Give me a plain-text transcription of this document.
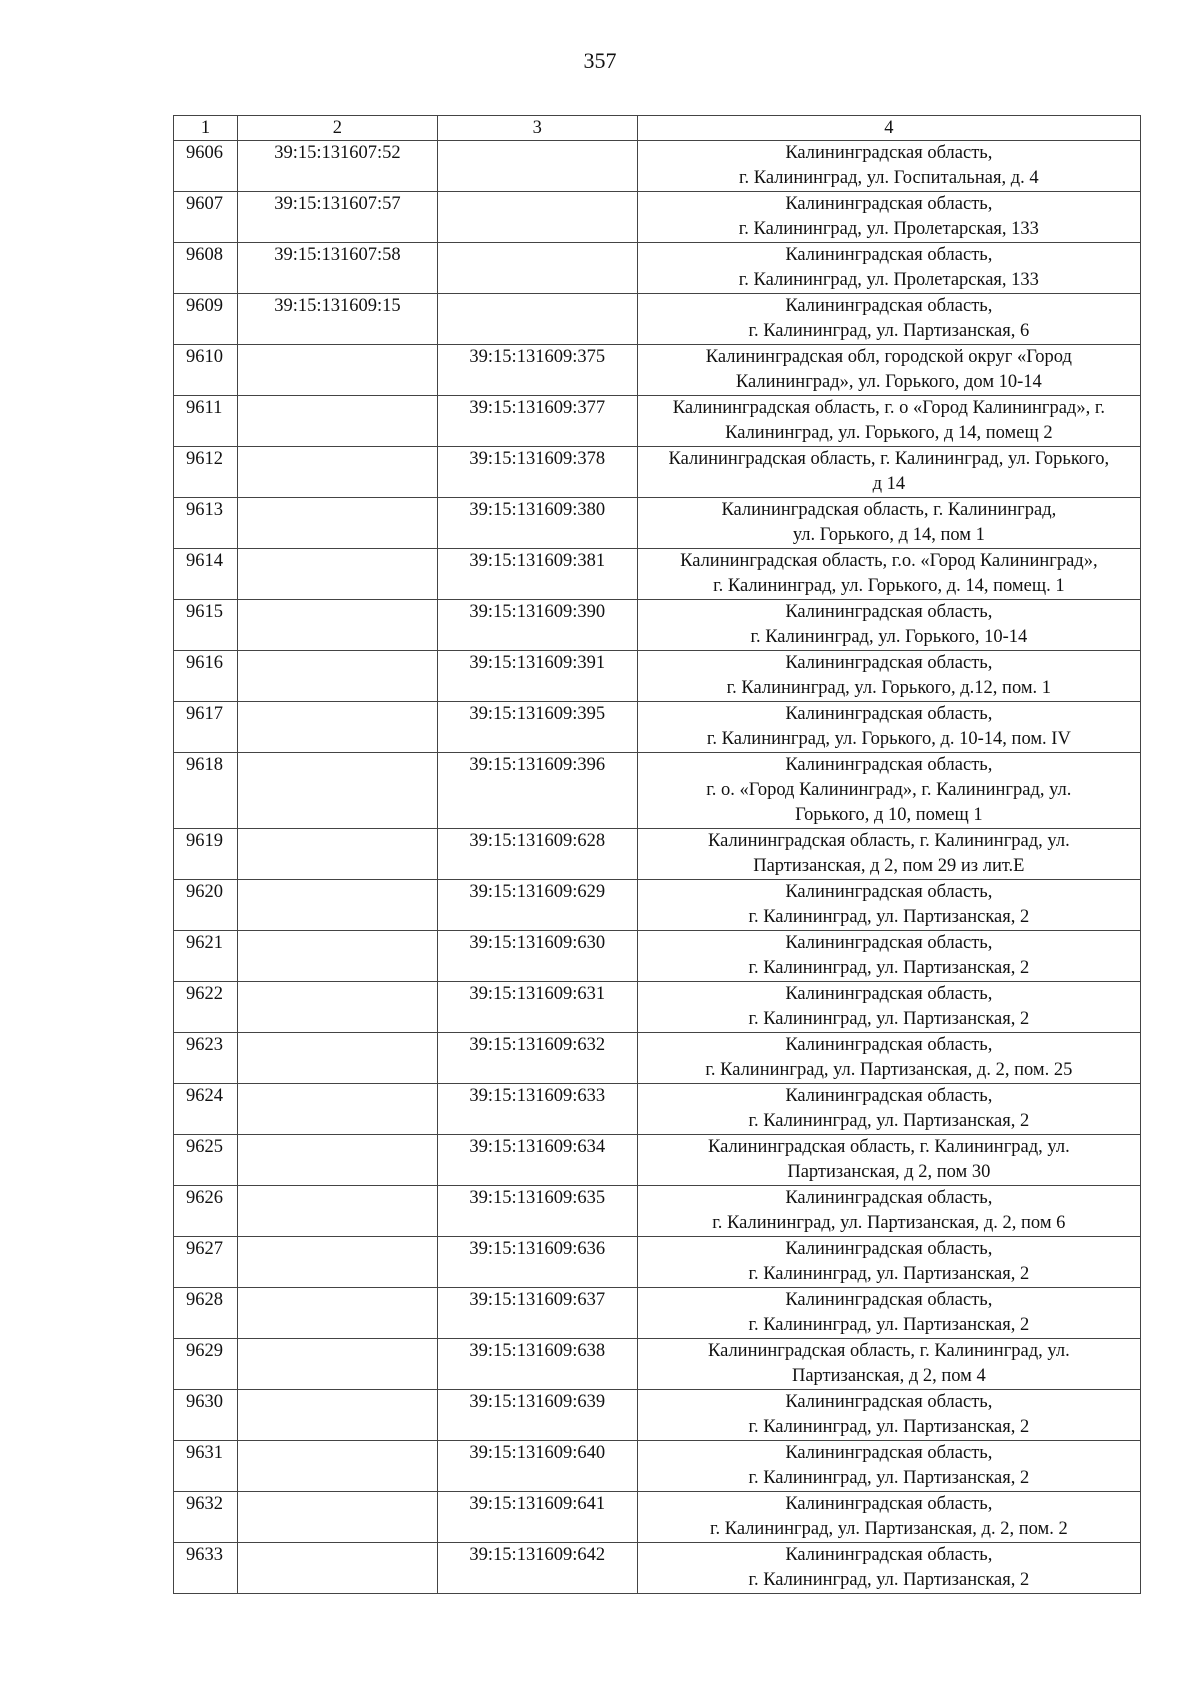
357
1	2	3	4
9606	39:15:131607:52		Калининградская область,
г. Калининград, ул. Госпитальная, д. 4

9607	39:15:131607:57		Калининградская область,
г. Калининград, ул. Пролетарская, 133

9608	39:15:131607:58		Калининградская область,
г. Калининград, ул. Пролетарская, 133

9609	39:15:131609:15		Калининградская область,
г. Калининград, ул. Партизанская, 6

9610		39:15:131609:375	Калининградская обл, городской округ «Город
Калининград», ул. Горького, дом 10-14

9611		39:15:131609:377	Калининградская область, г. о «Город Калининград», г.
Калининград, ул. Горького, д 14, помещ 2

9612		39:15:131609:378	Калининградская область, г. Калининград, ул. Горького,
д 14

9613		39:15:131609:380	Калининградская область, г. Калининград,
ул. Горького, д 14, пом 1

9614		39:15:131609:381	Калининградская область, г.о. «Город Калининград»,
г. Калининград, ул. Горького, д. 14, помещ. 1

9615		39:15:131609:390	Калининградская область,
г. Калининград, ул. Горького, 10-14

9616		39:15:131609:391	Калининградская область,
г. Калининград, ул. Горького, д.12, пом. 1

9617		39:15:131609:395	Калининградская область,
г. Калининград, ул. Горького, д. 10-14, пом. IV

9618		39:15:131609:396	Калининградская область,
г. о. «Город Калининград», г. Калининград, ул.
Горького, д 10, помещ 1

9619		39:15:131609:628	Калининградская область, г. Калининград, ул.
Партизанская, д 2, пом 29 из лит.Е

9620		39:15:131609:629	Калининградская область,
г. Калининград, ул. Партизанская, 2

9621		39:15:131609:630	Калининградская область,
г. Калининград, ул. Партизанская, 2

9622		39:15:131609:631	Калининградская область,
г. Калининград, ул. Партизанская, 2

9623		39:15:131609:632	Калининградская область,
г. Калининград, ул. Партизанская, д. 2, пом. 25

9624		39:15:131609:633	Калининградская область,
г. Калининград, ул. Партизанская, 2

9625		39:15:131609:634	Калининградская область, г. Калининград, ул.
Партизанская, д 2, пом 30

9626		39:15:131609:635	Калининградская область,
г. Калининград, ул. Партизанская, д. 2, пом 6

9627		39:15:131609:636	Калининградская область,
г. Калининград, ул. Партизанская, 2

9628		39:15:131609:637	Калининградская область,
г. Калининград, ул. Партизанская, 2

9629		39:15:131609:638	Калининградская область, г. Калининград, ул.
Партизанская, д 2, пом 4

9630		39:15:131609:639	Калининградская область,
г. Калининград, ул. Партизанская, 2

9631		39:15:131609:640	Калининградская область,
г. Калининград, ул. Партизанская, 2

9632		39:15:131609:641	Калининградская область,
г. Калининград, ул. Партизанская, д. 2, пом. 2

9633		39:15:131609:642	Калининградская область,
г. Калининград, ул. Партизанская, 2
